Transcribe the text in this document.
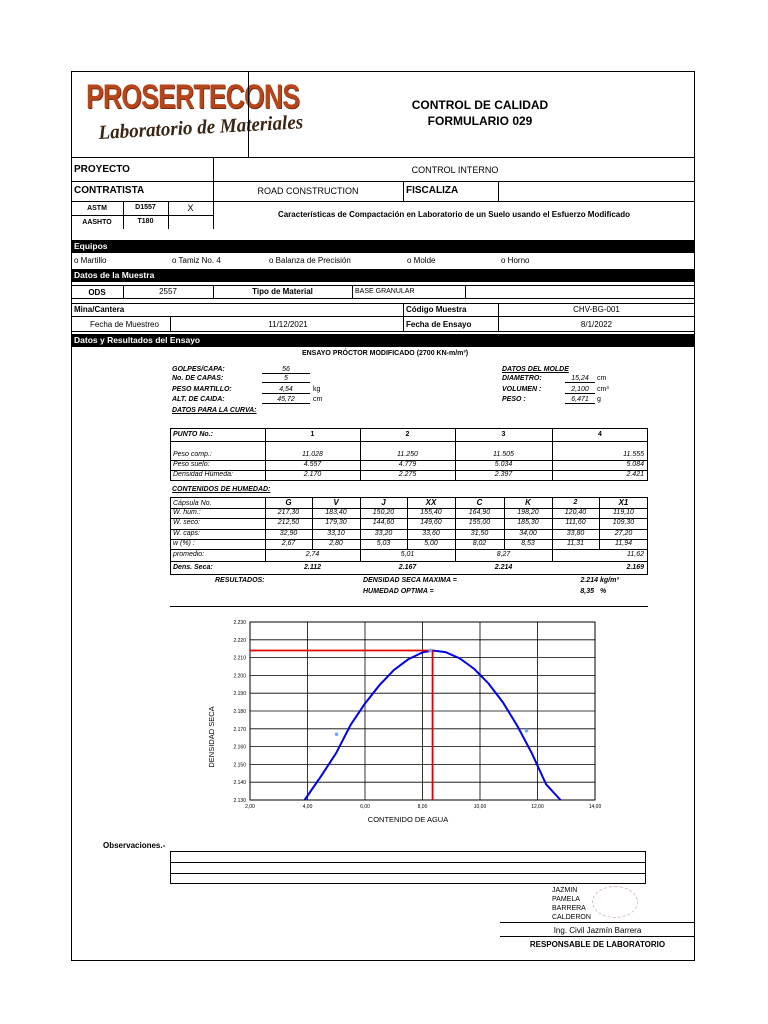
PROSERTECONS
Laboratorio de Materiales
CONTROL DE CALIDAD
FORMULARIO 029
PROYECTO	CONTROL INTERNO
CONTRATISTA	ROAD CONSTRUCTION	FISCALIZA
ASTM	D1557	X
AASHTO	T180
Características de Compactación en Laboratorio de un Suelo usando el Esfuerzo Modificado
Equipos
o Martillo	o Tamiz No. 4	o Balanza de Precisión	o Molde	o Horno
Datos de la Muestra
ODS	2557	Tipo de Material	BASE GRANULAR
Mina/Cantera	Código Muestra	CHV-BG-001
Fecha de Muestreo	11/12/2021	Fecha de Ensayo	8/1/2022
Datos y Resultados del Ensayo
ENSAYO PRÓCTOR MODIFICADO (2700 KN-m/m³)
GOLPES/CAPA:	56
No. DE CAPAS:	5
PESO MARTILLO:	4,54	kg
ALT. DE CAIDA:	45,72	cm
DATOS PARA LA CURVA:
DATOS DEL MOLDE
DIAMETRO:	15,24	cm
VOLUMEN :	2,100	cm³
PESO :	6,471	g
PUNTO No.:	1	2	3	4
Peso comp.:	11.028	11.250	11.505	11.555
Peso suelo:	4.557	4.779	5.034	5.084
Densidad Húmeda:	2.170	2.275	2.397	2.421
CONTENIDOS DE HUMEDAD:
Cápsula No.	G	V	J	XX	C	K	2	X1
W. hum.:	217,30	183,40	150,20	155,40	164,90	198,20	120,40	119,10
W. seco:	212,50	179,30	144,60	149,60	155,00	185,30	111,60	109,30
W. caps:	32,90	33,10	33,20	33,60	31,50	34,00	33,80	27,20
w (%) :	2,67	2,80	5,03	5,00	8,02	8,53	11,31	11,94
promedio:	2,74	5,01	8,27	11,62
Dens. Seca:	2.112	2.167	2.214	2.169
RESULTADOS:	DENSIDAD SECA MAXIMA =	2.214 kg/m³
HUMEDAD OPTIMA =	8,35 %
2.130
2.140
2.150
2.160
2.170
2.180
2.190
2.200
2.210
2.220
2.230
2,00	4,00	6,00	8,00	10,00	12,00	14,00
CONTENIDO DE AGUA
DENSIDAD SECA
Observaciones.-
JAZMIN
PAMELA
BARRERA
CALDERON
Ing. Civil Jazmín Barrera
RESPONSABLE DE LABORATORIO
